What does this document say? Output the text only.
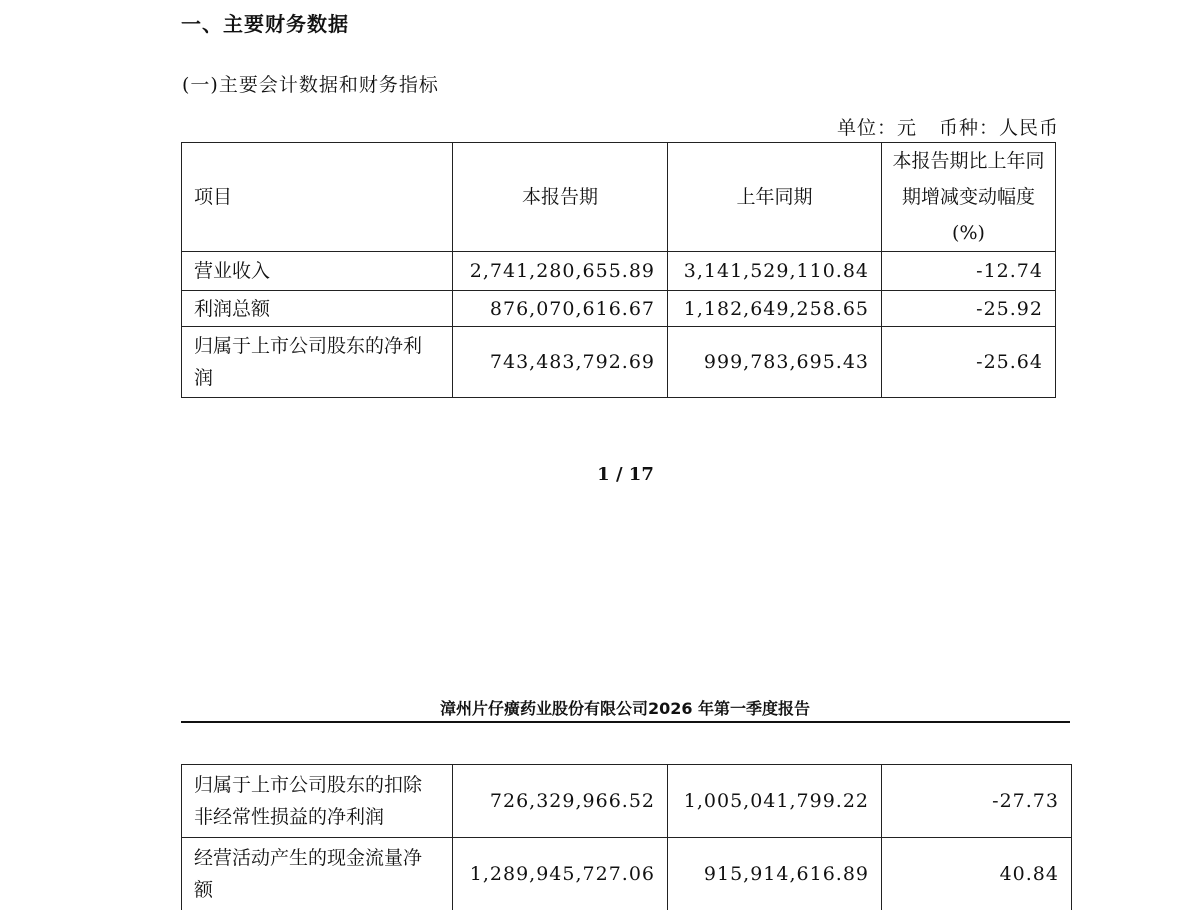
一、主要财务数据
(一)主要会计数据和财务指标
单位：元 币种：人民币
项目	本报告期	上年同期	本报告期比上年同期增减变动幅度(%)
营业收入	2,741,280,655.89	3,141,529,110.84	-12.74
利润总额	876,070,616.67	1,182,649,258.65	-25.92
归属于上市公司股东的净利润	743,483,792.69	999,783,695.43	-25.64
1 / 17
漳州片仔癀药业股份有限公司2026 年第一季度报告
归属于上市公司股东的扣除非经常性损益的净利润	726,329,966.52	1,005,041,799.22	-27.73
经营活动产生的现金流量净额	1,289,945,727.06	915,914,616.89	40.84
